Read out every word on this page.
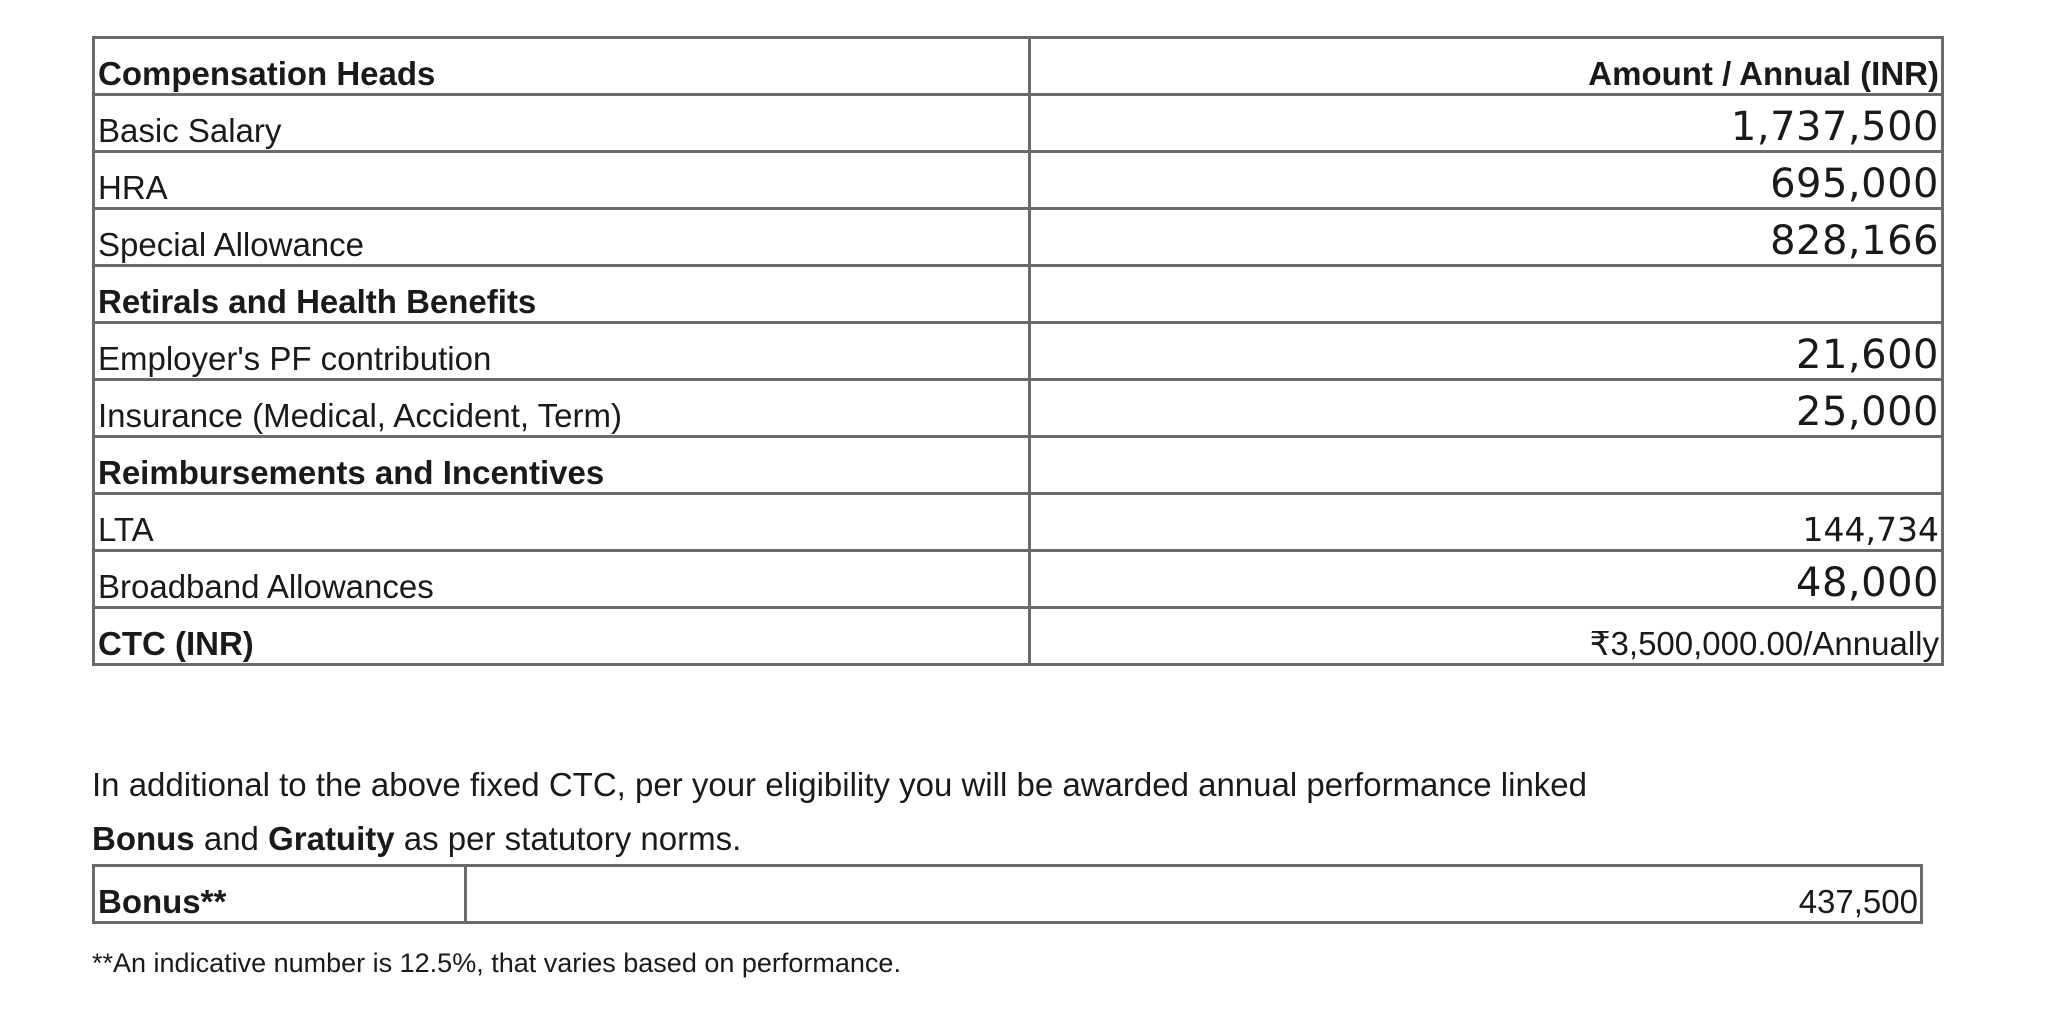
Compensation Heads	Amount / Annual (INR)
Basic Salary	1,737,500
HRA	695,000
Special Allowance	828,166
Retirals and Health Benefits	
Employer's PF contribution	21,600
Insurance (Medical, Accident, Term)	25,000
Reimbursements and Incentives	
LTA	144,734
Broadband Allowances	48,000
CTC (INR)	₹3,500,000.00/Annually
In additional to the above fixed CTC, per your eligibility you will be awarded annual performance linked
Bonus and Gratuity as per statutory norms.
Bonus**	437,500
**An indicative number is 12.5%, that varies based on performance.
